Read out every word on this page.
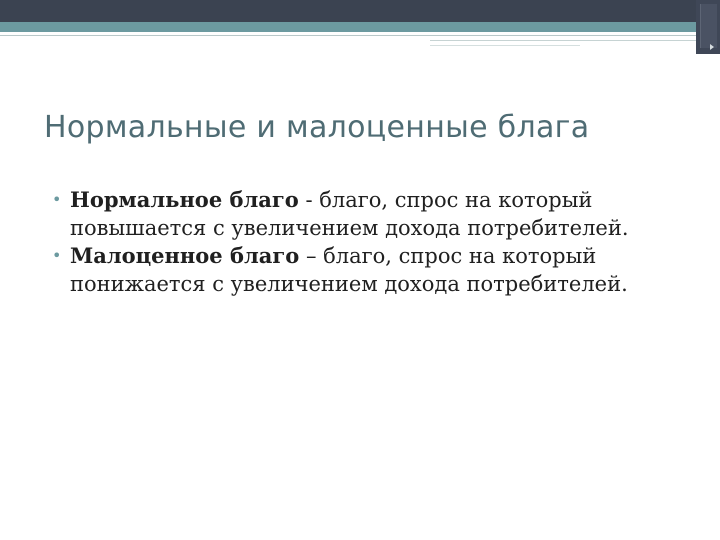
Нормальные и малоценные блага
• Нормальное благо - благо, спрос на который повышается с увеличением дохода потребителей.
• Малоценное благо – благо, спрос на который понижается с увеличением дохода потребителей.
